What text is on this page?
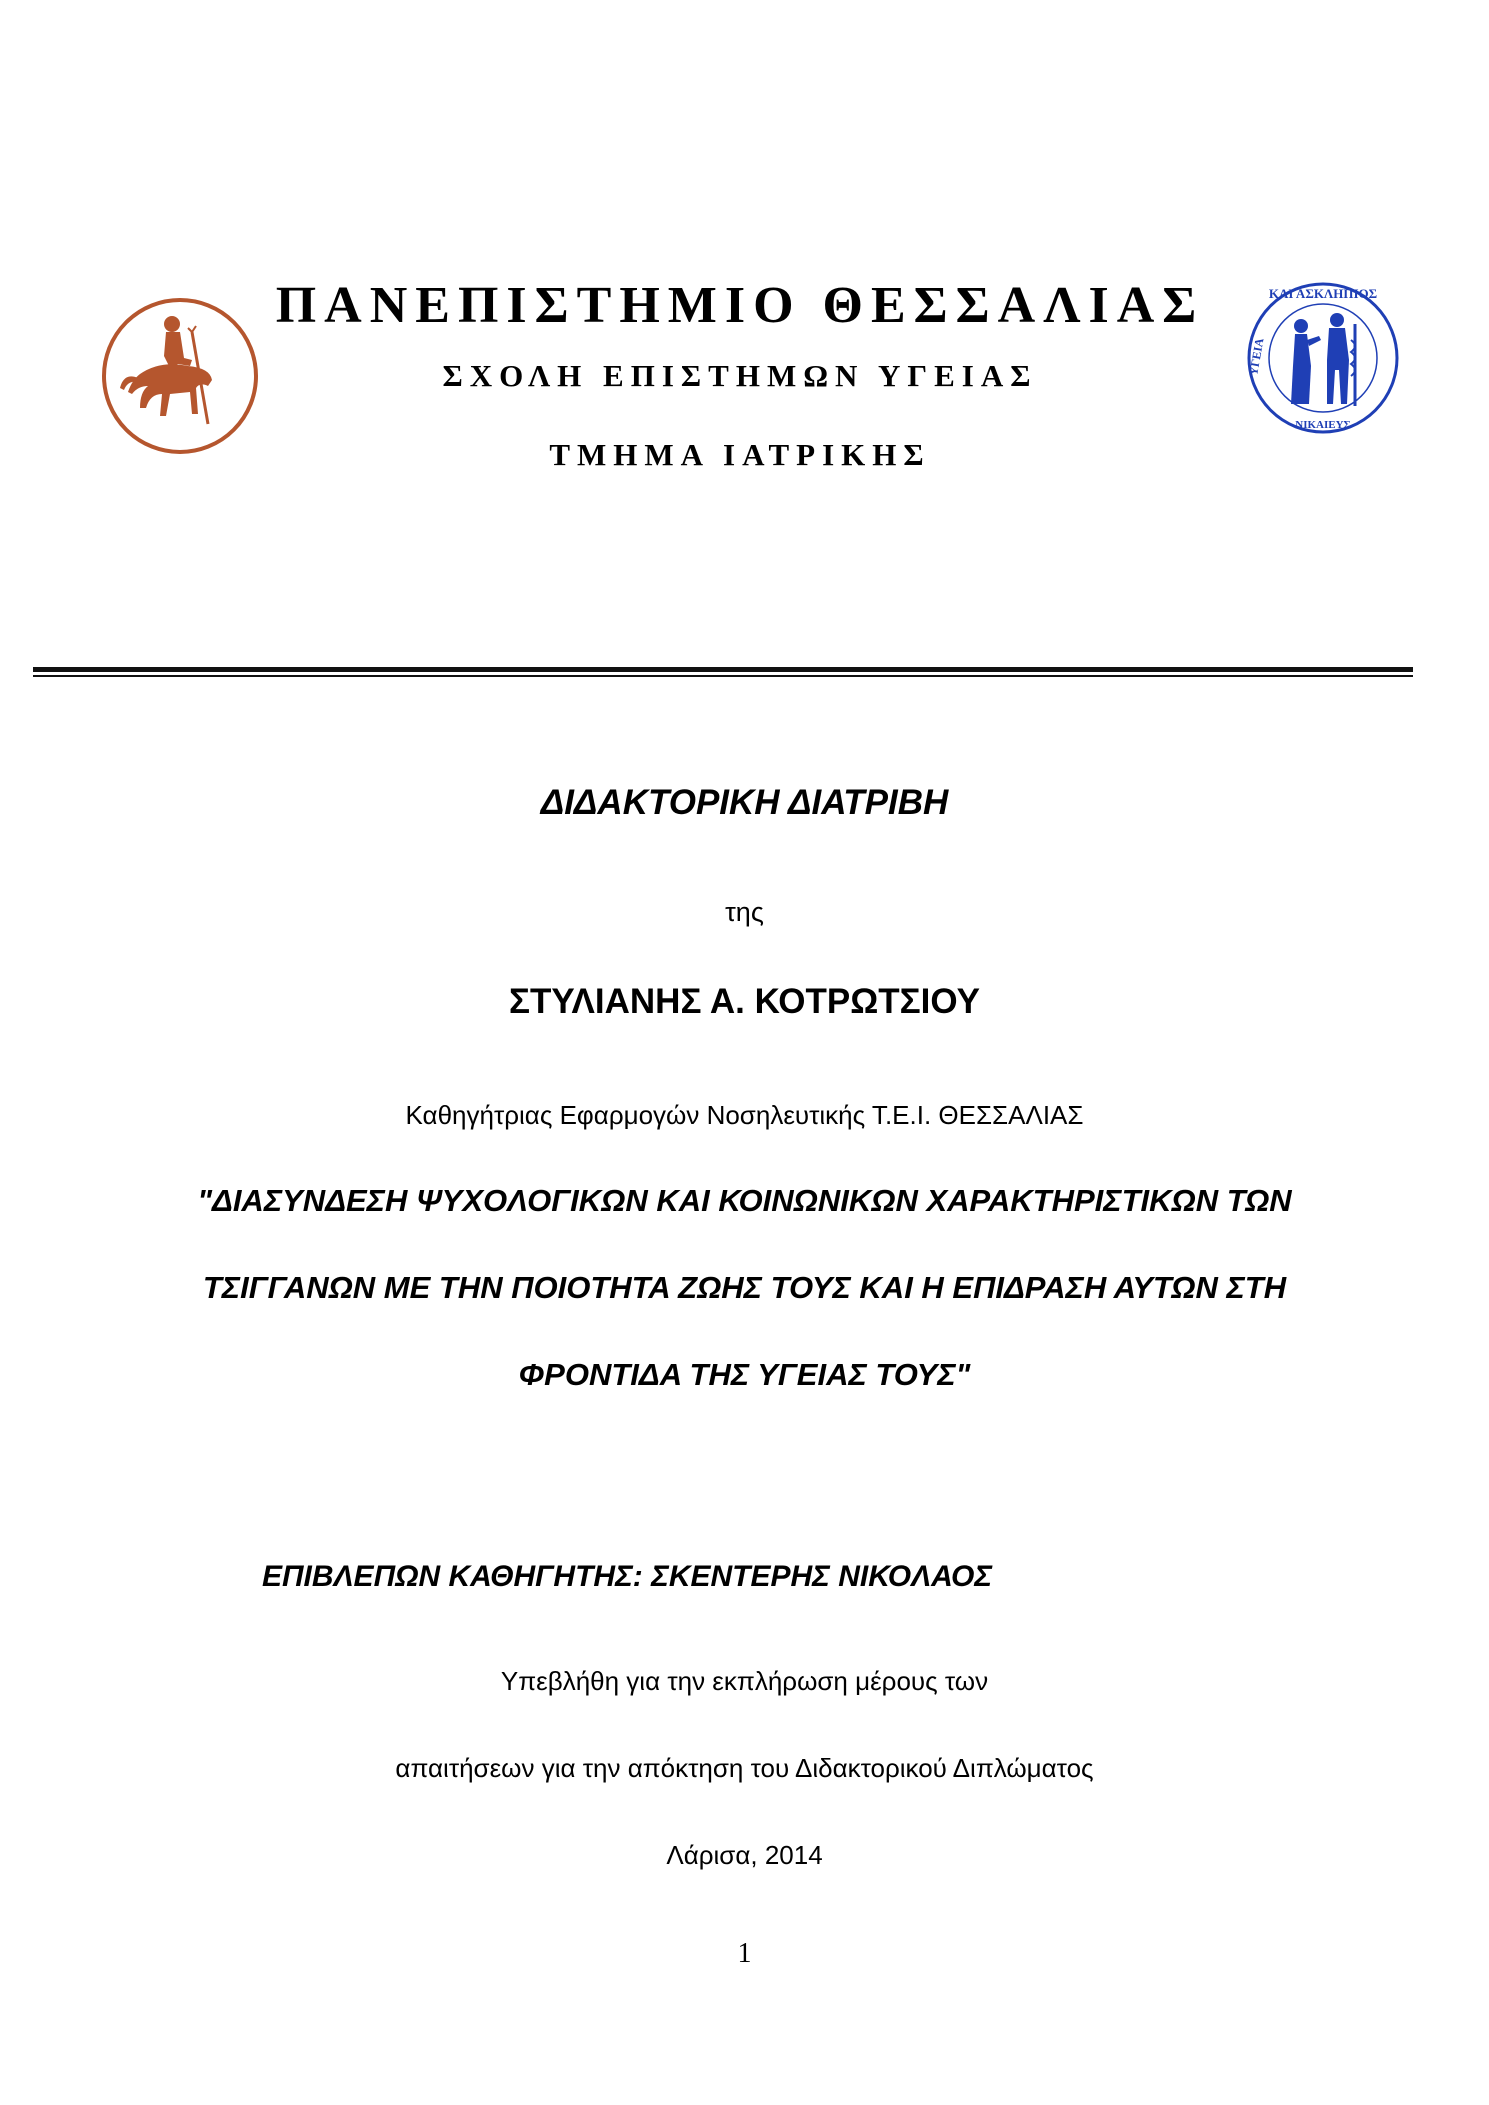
ΠΑΝΕΠΙΣΤΗΜΙΟ ΘΕΣΣΑΛΙΑΣ
ΣΧΟΛΗ ΕΠΙΣΤΗΜΩΝ ΥΓΕΙΑΣ
ΤΜΗΜΑ ΙΑΤΡΙΚΗΣ
ΚΑΙ ΑΣΚΛΗΠΙΟΣ
ΥΓΕΙΑ
ΝΙΚΑΙΕΥΣ
ΔΙΔΑΚΤΟΡΙΚΗ ΔΙΑΤΡΙΒΗ
της
ΣΤΥΛΙΑΝΗΣ Α. ΚΟΤΡΩΤΣΙΟΥ
Καθηγήτριας Εφαρμογών Νοσηλευτικής Τ.Ε.Ι. ΘΕΣΣΑΛΙΑΣ
"ΔΙΑΣΥΝΔΕΣΗ ΨΥΧΟΛΟΓΙΚΩΝ ΚΑΙ ΚΟΙΝΩΝΙΚΩΝ ΧΑΡΑΚΤΗΡΙΣΤΙΚΩΝ ΤΩΝ
ΤΣΙΓΓΑΝΩΝ ΜΕ ΤΗΝ ΠΟΙΟΤΗΤΑ ΖΩΗΣ ΤΟΥΣ ΚΑΙ Η ΕΠΙΔΡΑΣΗ ΑΥΤΩΝ ΣΤΗ
ΦΡΟΝΤΙΔΑ ΤΗΣ ΥΓΕΙΑΣ ΤΟΥΣ"
ΕΠΙΒΛΕΠΩΝ ΚΑΘΗΓΗΤΗΣ: ΣΚΕΝΤΕΡΗΣ ΝΙΚΟΛΑΟΣ
Υπεβλήθη για την εκπλήρωση μέρους των
απαιτήσεων για την απόκτηση του Διδακτορικού Διπλώματος
Λάρισα, 2014
1
